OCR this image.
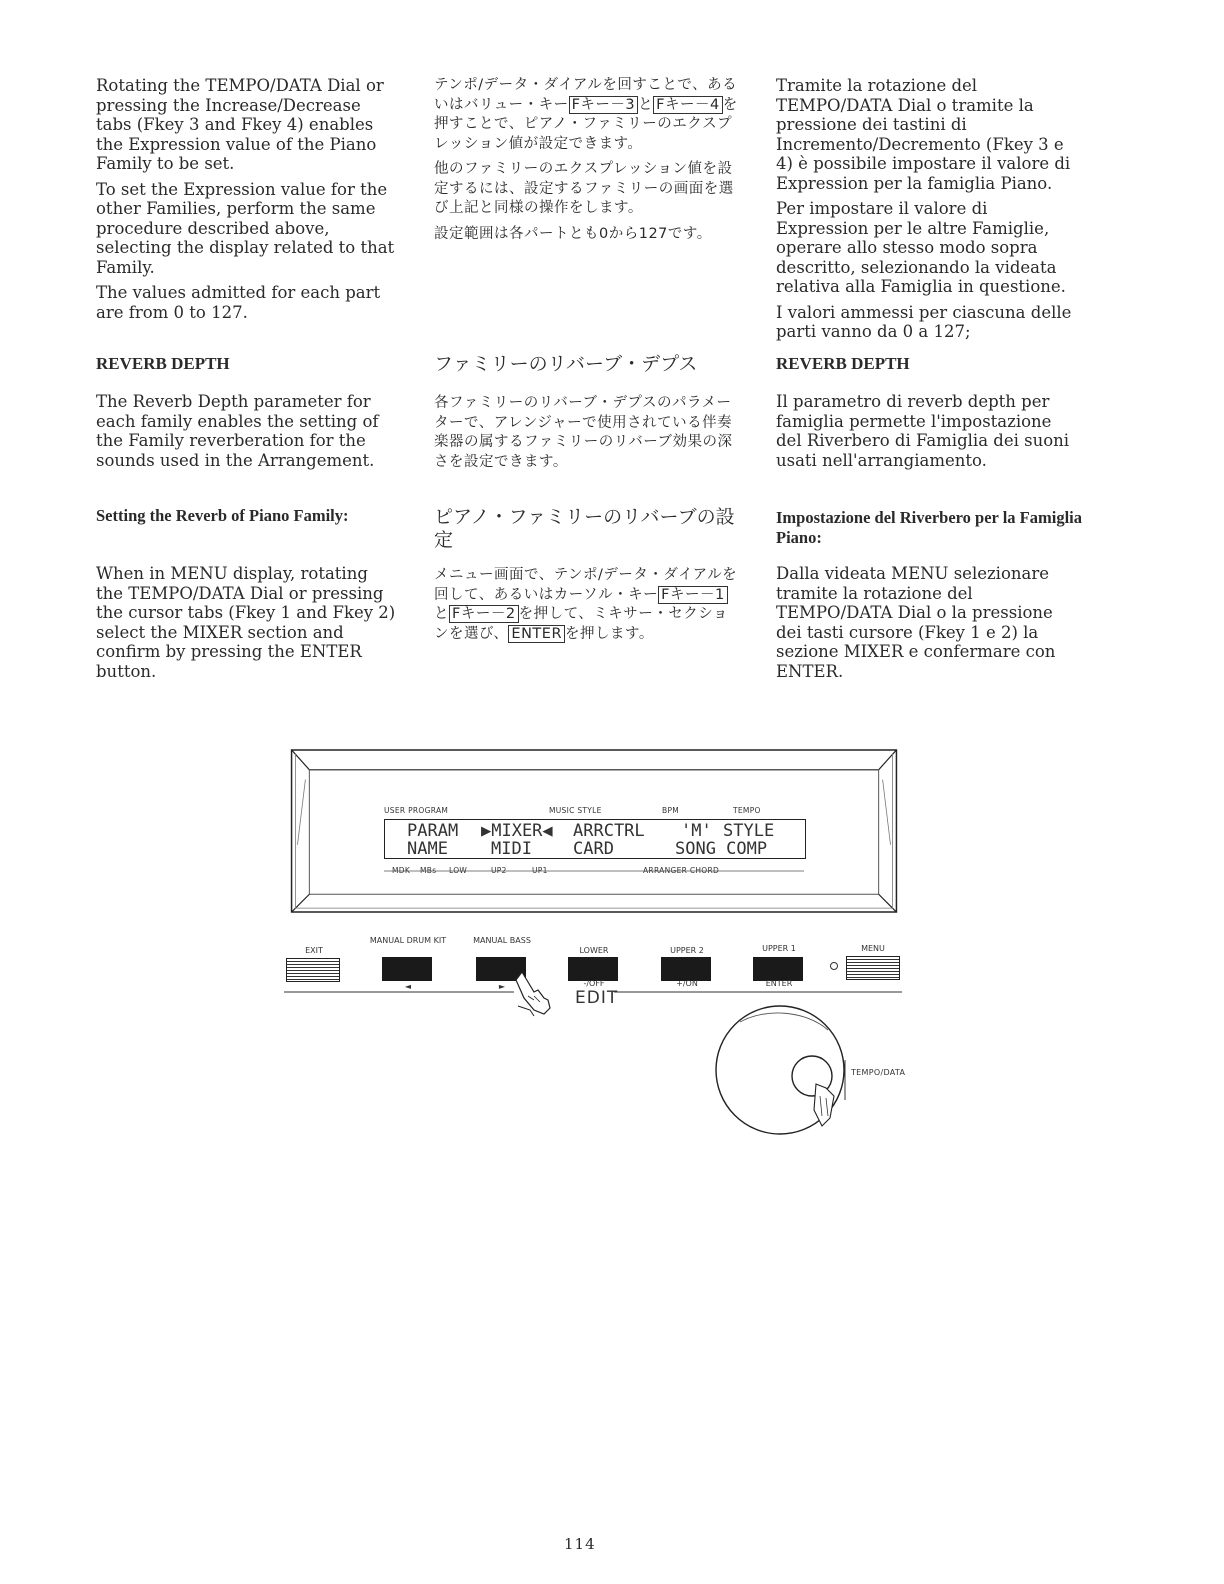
Rotating the TEMPO/DATA Dial or pressing the Increase/Decrease tabs (Fkey 3 and Fkey 4) enables the Expression value of the Piano Family to be set.

To set the Expression value for the other Families, perform the same procedure described above, selecting the display related to that Family.

The values admitted for each part are from 0 to 127.

テンポ/データ・ダイアルを回すことで、あるいはバリュー・キー Fキー－3 と Fキー－4 を押すことで、ピアノ・ファミリーのエクスプレッション値が設定できます。

他のファミリーのエクスプレッション値を設定するには、設定するファミリーの画面を選び上記と同様の操作をします。

設定範囲は各パートとも0から127です。

Tramite la rotazione del TEMPO/DATA Dial o tramite la pressione dei tastini di Incremento/Decremento (Fkey 3 e 4) è possibile impostare il valore di Expression per la famiglia Piano.

Per impostare il valore di Expression per le altre Famiglie, operare allo stesso modo sopra descritto, selezionando la videata relativa alla Famiglia in questione.

I valori ammessi per ciascuna delle parti vanno da 0 a 127;

REVERB DEPTH	ファミリーのリバーブ・デプス	REVERB DEPTH
The Reverb Depth parameter for each family enables the setting of the Family reverberation for the sounds used in the Arrangement.
各ファミリーのリバーブ・デプスのパラメーターで、アレンジャーで使用されている伴奏楽器の属するファミリーのリバーブ効果の深さを設定できます。
Il parametro di reverb depth per famiglia permette l'impostazione del Riverbero di Famiglia dei suoni usati nell'arrangiamento.
Setting the Reverb of Piano Family:	ピアノ・ファミリーのリバーブの設定
Impostazione del Riverbero per la Famiglia Piano:
When in MENU display, rotating the TEMPO/DATA Dial or pressing the cursor tabs (Fkey 1 and Fkey 2) select the MIXER section and confirm by pressing the ENTER button.
メニュー画面で、テンポ/データ・ダイアルを回して、あるいはカーソル・キー Fキー－1と Fキー－2 を押して、ミキサー・セクションを選び、 ENTER を押します。
Dalla videata MENU selezionare tramite la rotazione del TEMPO/DATA Dial o la pressione dei tasti cursore (Fkey 1 e 2) la sezione MIXER e confermare con ENTER.
USER PROGRAM	MUSIC STYLE	BPM	TEMPO
PARAM ▶MIXER◀ ARRCTRL 'M' STYLE
NAME	MIDI CARD	SONG COMP
MDK MBs LOW	UP2	UP1	ARRANGER CHORD
EXIT
MANUAL DRUM KIT
◄
MANUAL BASS
►
LOWER
-/OFF
UPPER 2
+/ON
UPPER 1
ENTER
MENU
EDIT
TEMPO/DATA
114
